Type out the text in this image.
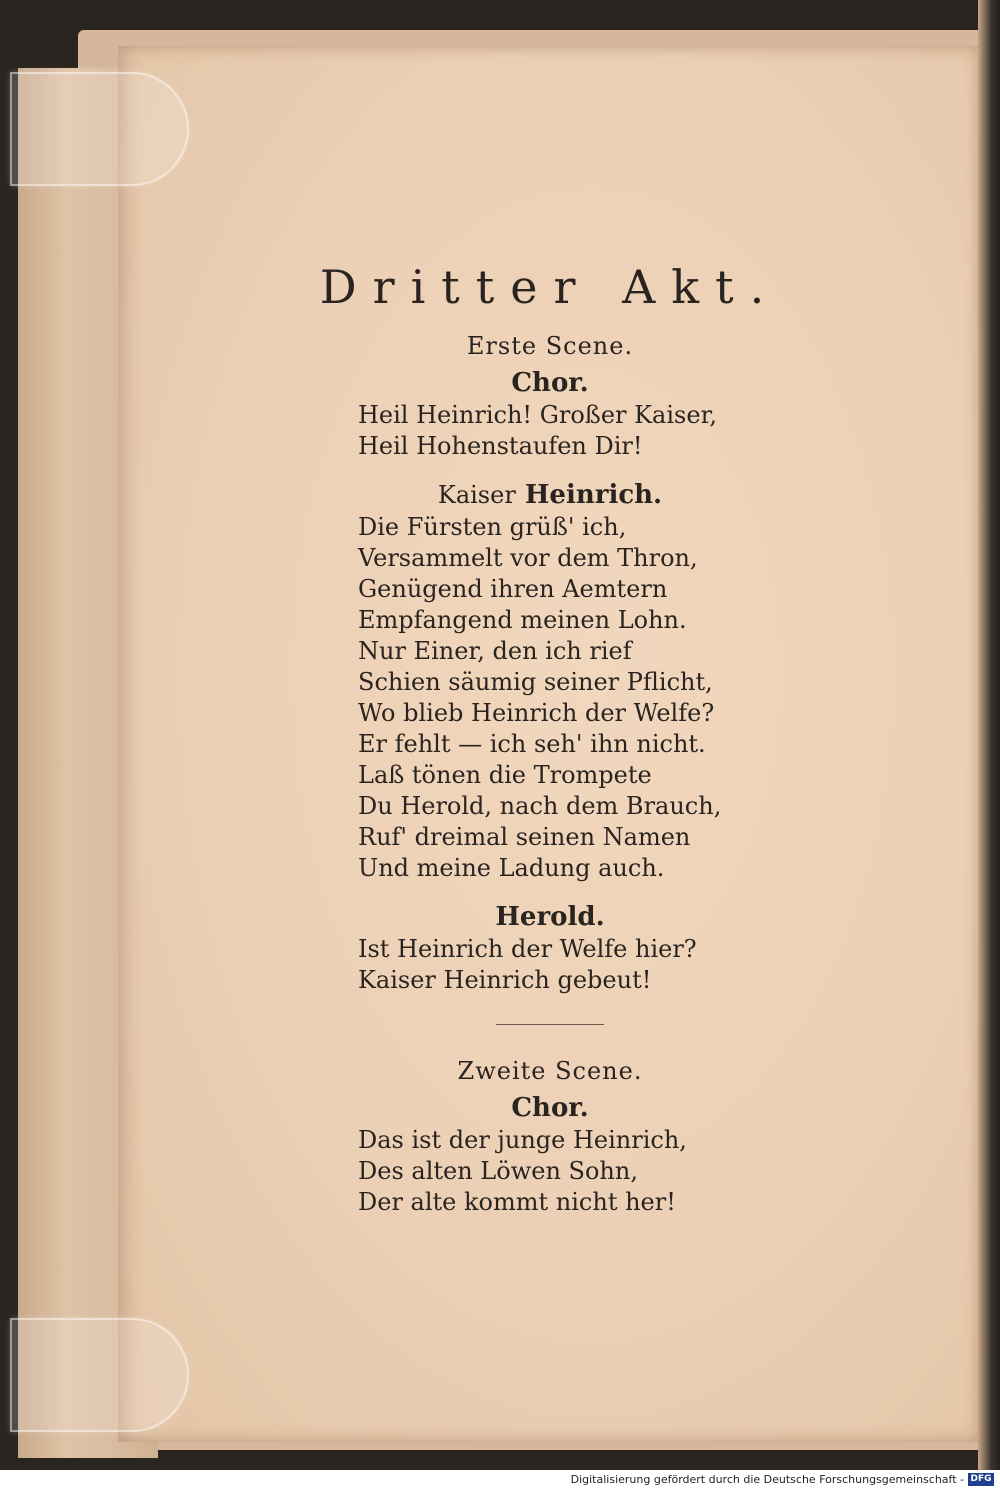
Dritter Akt.
Erste Scene.
Chor.
Heil Heinrich! Großer Kaiser,
Heil Hohenstaufen Dir!
Kaiser Heinrich.
Die Fürsten grüß' ich,
Versammelt vor dem Thron,
Genügend ihren Aemtern
Empfangend meinen Lohn.
Nur Einer, den ich rief
Schien säumig seiner Pflicht,
Wo blieb Heinrich der Welfe?
Er fehlt — ich seh' ihn nicht.
Laß tönen die Trompete
Du Herold, nach dem Brauch,
Ruf' dreimal seinen Namen
Und meine Ladung auch.
Herold.
Ist Heinrich der Welfe hier?
Kaiser Heinrich gebeut!
Zweite Scene.
Chor.
Das ist der junge Heinrich,
Des alten Löwen Sohn,
Der alte kommt nicht her!
Digitalisierung gefördert durch die Deutsche Forschungsgemeinschaft - DFG
